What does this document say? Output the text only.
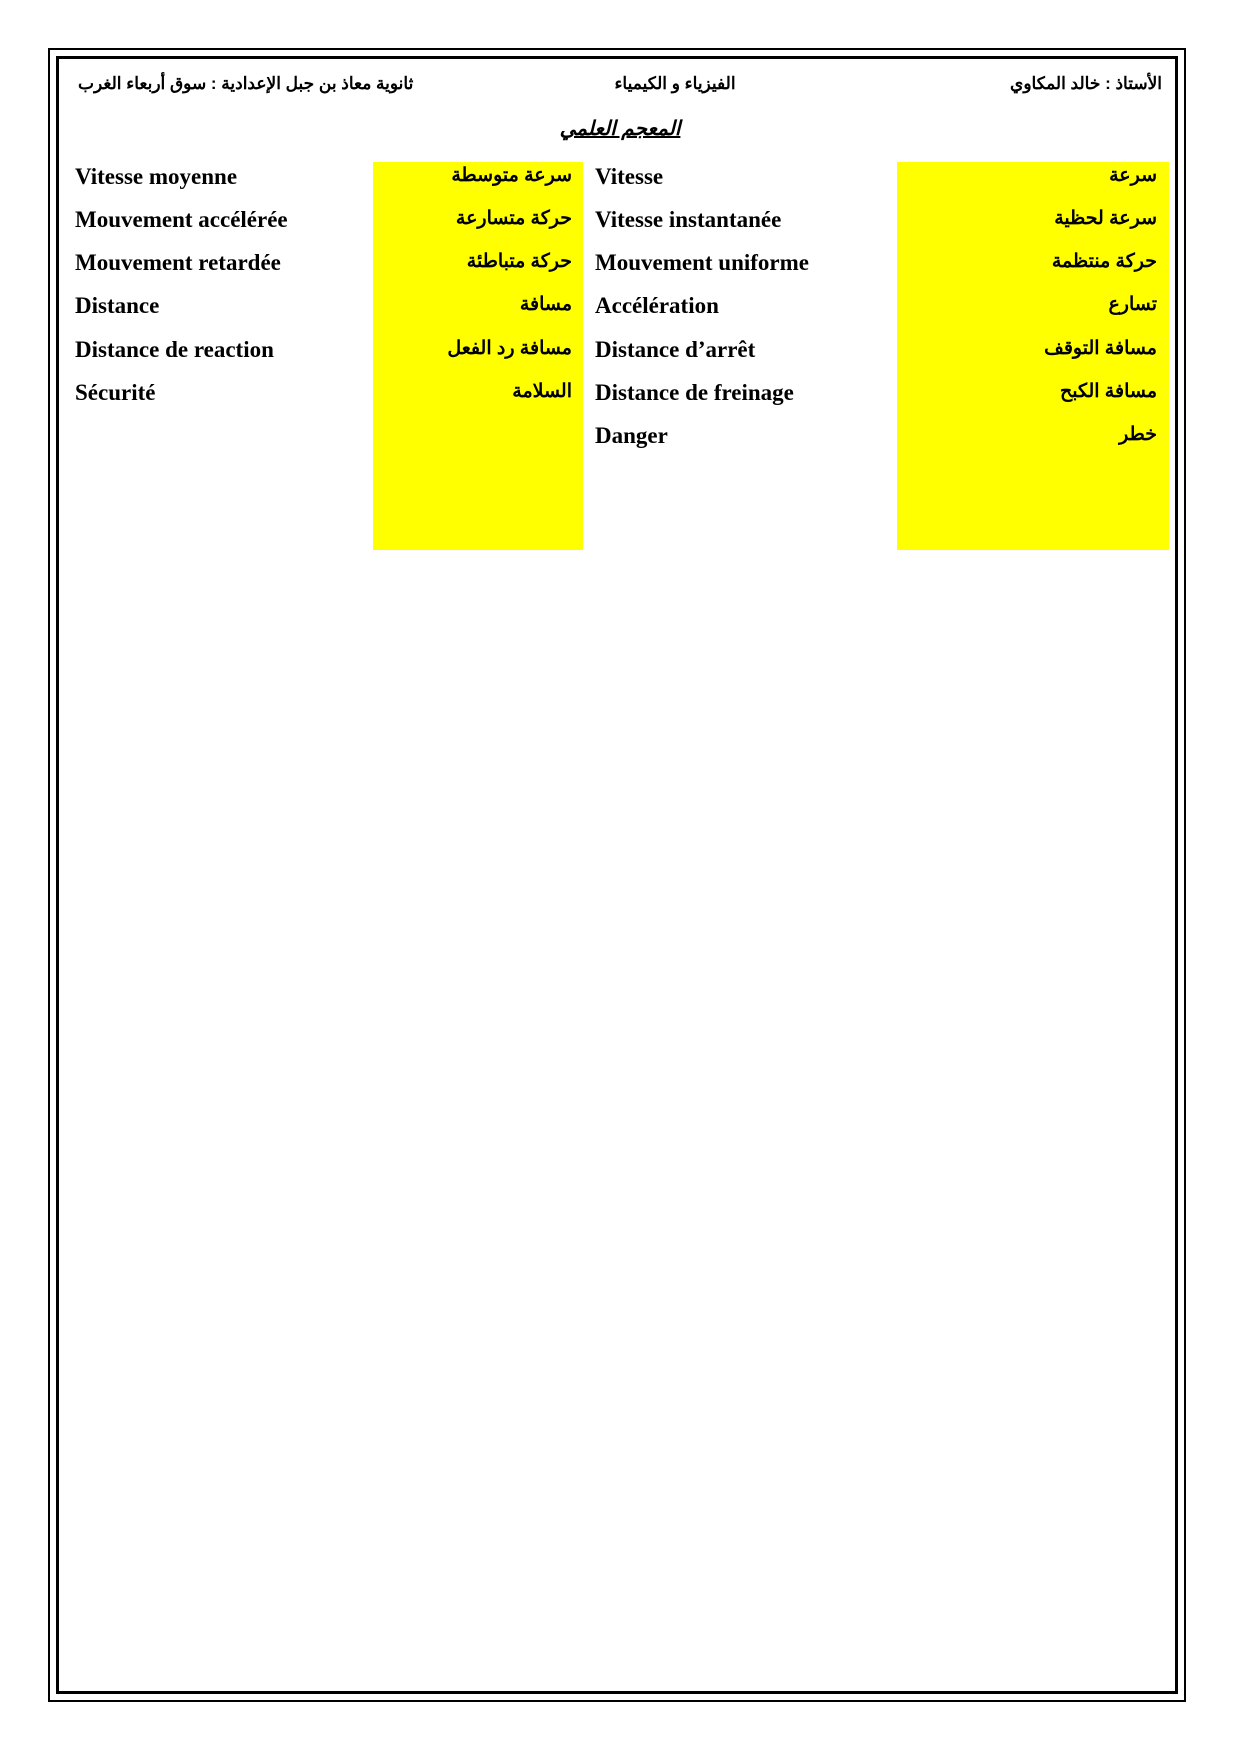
الأستاذ : خالد المكاوي
الفيزياء و الكيمياء
ثانوية معاذ بن جبل الإعدادية : سوق أربعاء الغرب
المعجم العلمي
Vitesse moyenne	سرعة متوسطة
Mouvement accélérée	حركة متسارعة
Mouvement retardée	حركة متباطئة
Distance	مسافة
Distance de reaction	مسافة رد الفعل
Sécurité	السلامة
Vitesse	سرعة
Vitesse instantanée	سرعة لحظية
Mouvement uniforme	حركة منتظمة
Accélération	تسارع
Distance d’arrêt	مسافة التوقف
Distance de freinage	مسافة الكبح
Danger	خطر
